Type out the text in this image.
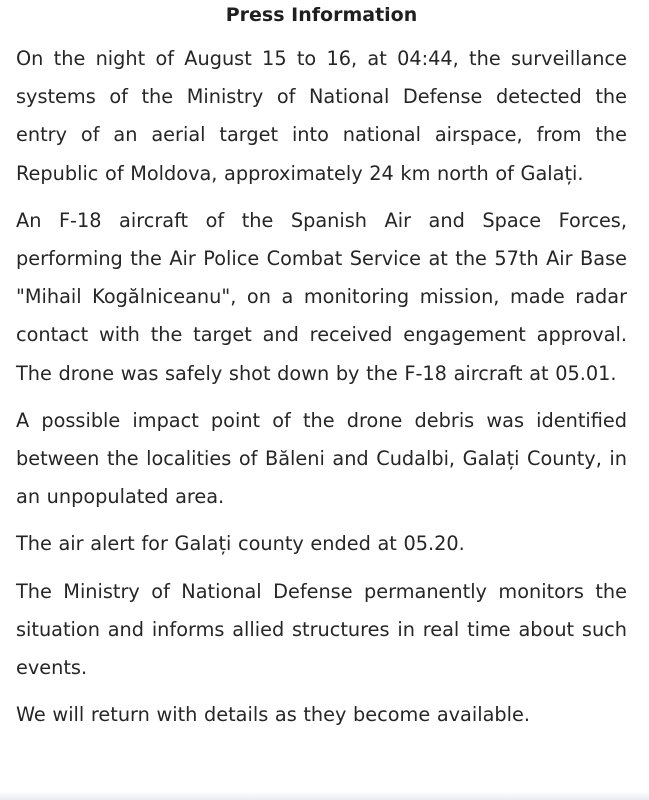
Press Information

On the night of August 15 to 16, at 04:44, the surveillance systems of the Ministry of National Defense detected the entry of an aerial target into national airspace, from the Republic of Moldova, approximately 24 km north of Galați.

An F-18 aircraft of the Spanish Air and Space Forces, performing the Air Police Combat Service at the 57th Air Base "Mihail Kogălniceanu", on a monitoring mission, made radar contact with the target and received engagement approval. The drone was safely shot down by the F-18 aircraft at 05.01.

A possible impact point of the drone debris was identified between the localities of Băleni and Cudalbi, Galați County, in an unpopulated area.

The air alert for Galați county ended at 05.20.

The Ministry of National Defense permanently monitors the situation and informs allied structures in real time about such events.

We will return with details as they become available.
